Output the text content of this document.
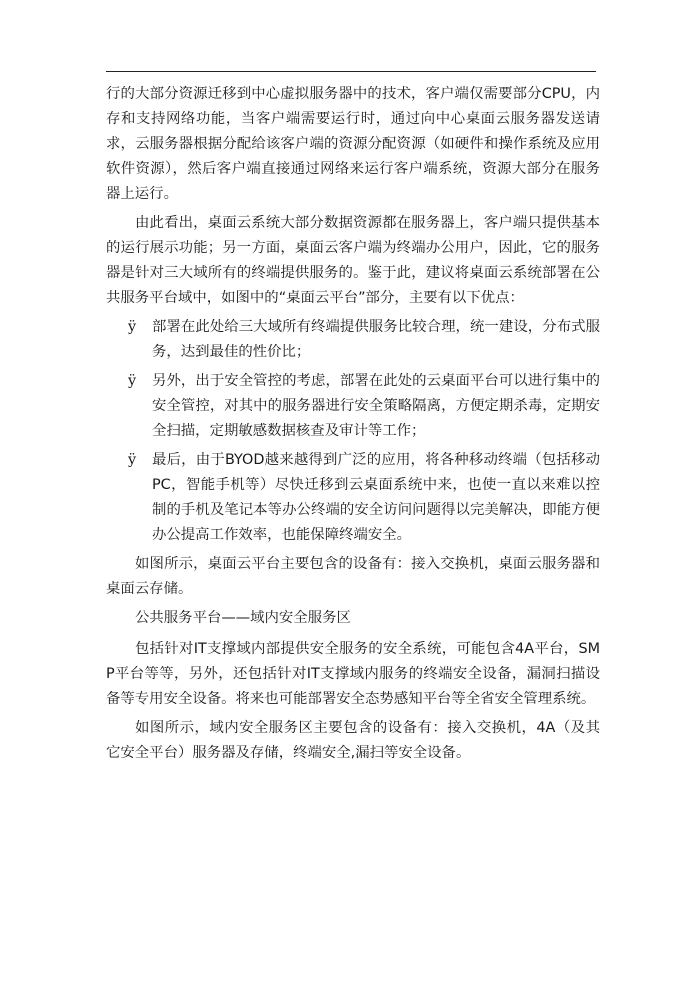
行的大部分资源迁移到中心虚拟服务器中的技术，客户端仅需要部分CPU，内存和支持网络功能，当客户端需要运行时，通过向中心桌面云服务器发送请求，云服务器根据分配给该客户端的资源分配资源（如硬件和操作系统及应用软件资源），然后客户端直接通过网络来运行客户端系统，资源大部分在服务器上运行。

由此看出，桌面云系统大部分数据资源都在服务器上，客户端只提供基本的运行展示功能；另一方面，桌面云客户端为终端办公用户，因此，它的服务器是针对三大域所有的终端提供服务的。鉴于此，建议将桌面云系统部署在公共服务平台域中，如图中的“桌面云平台”部分，主要有以下优点：

ÿ 部署在此处给三大域所有终端提供服务比较合理，统一建设，分布式服务，达到最佳的性价比；
ÿ 另外，出于安全管控的考虑，部署在此处的云桌面平台可以进行集中的安全管控，对其中的服务器进行安全策略隔离，方便定期杀毒，定期安全扫描，定期敏感数据核查及审计等工作；
ÿ 最后，由于BYOD越来越得到广泛的应用，将各种移动终端（包括移动PC，智能手机等）尽快迁移到云桌面系统中来，也使一直以来难以控制的手机及笔记本等办公终端的安全访问问题得以完美解决，即能方便办公提高工作效率，也能保障终端安全。

如图所示，桌面云平台主要包含的设备有：接入交换机，桌面云服务器和桌面云存储。

公共服务平台——域内安全服务区

包括针对IT支撑域内部提供安全服务的安全系统，可能包含4A平台，SMP平台等等，另外，还包括针对IT支撑域内服务的终端安全设备，漏洞扫描设备等专用安全设备。将来也可能部署安全态势感知平台等全省安全管理系统。

如图所示，域内安全服务区主要包含的设备有：接入交换机，4A（及其它安全平台）服务器及存储，终端安全,漏扫等安全设备。
